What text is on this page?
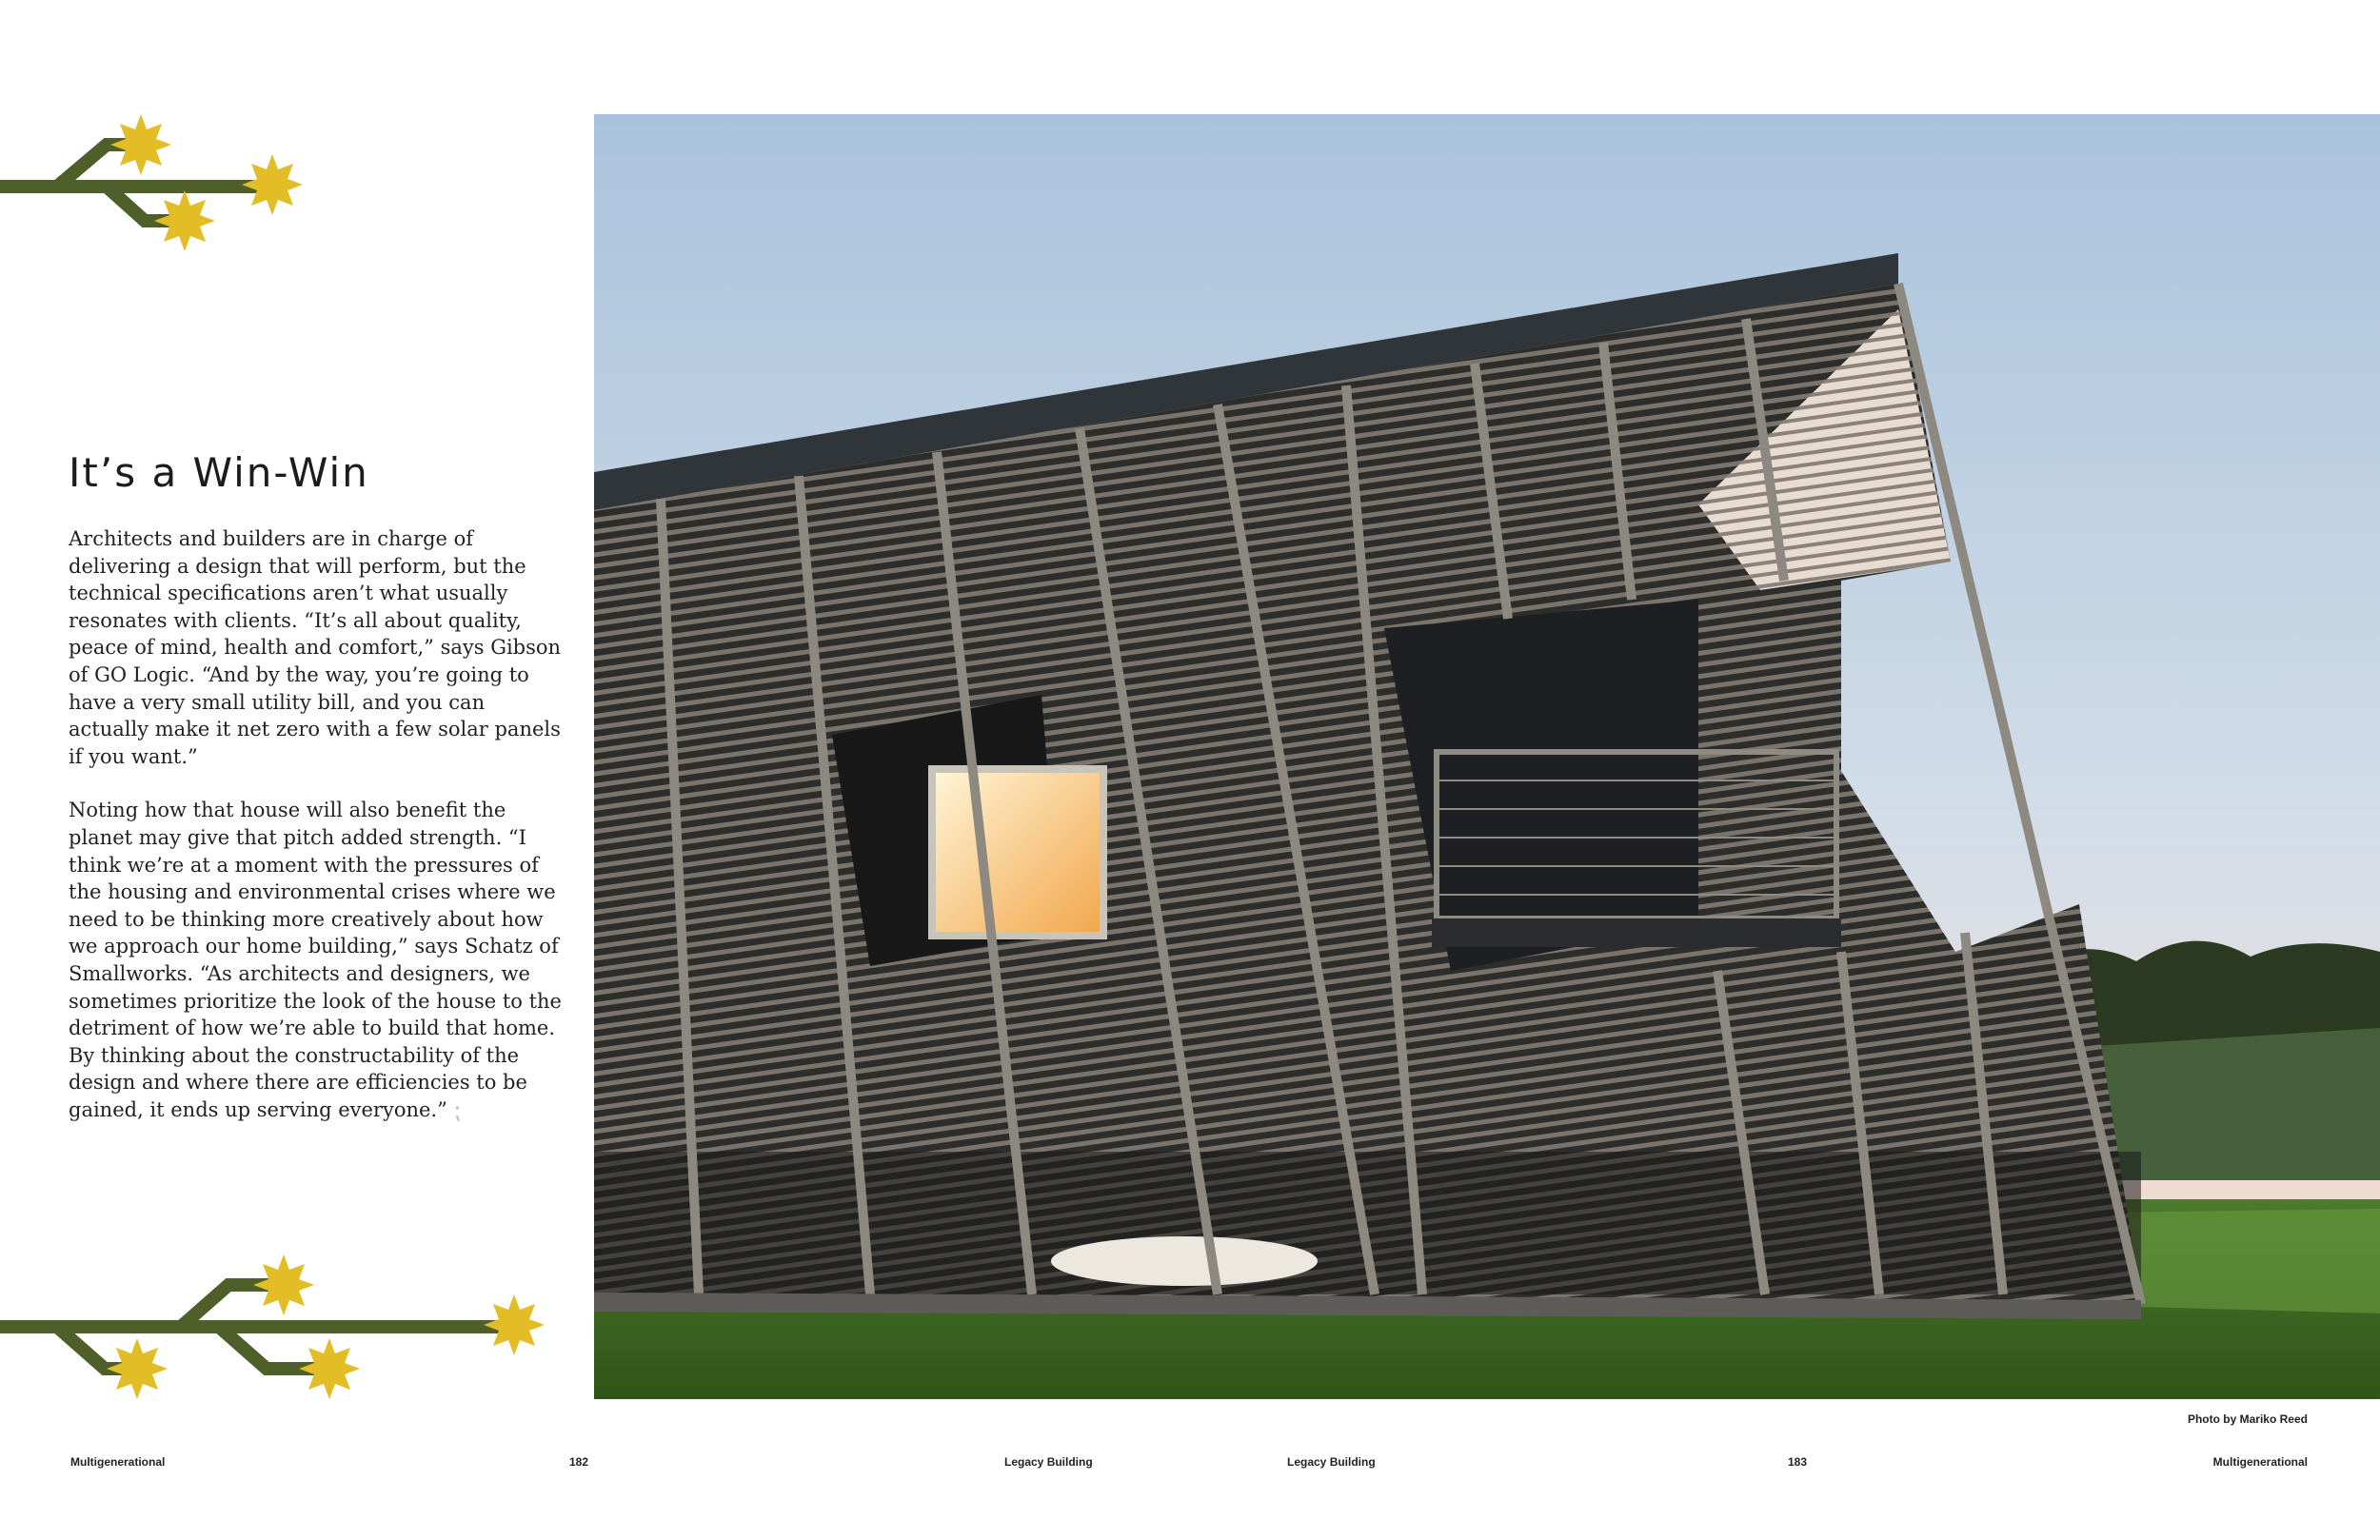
It’s a Win-Win

Architects and builders are in charge of delivering a design that will perform, but the technical specifications aren’t what usually resonates with clients. “It’s all about quality, peace of mind, health and comfort,” says Gibson of GO Logic. “And by the way, you’re going to have a very small utility bill, and you can actually make it net zero with a few solar panels if you want.”

Noting how that house will also benefit the planet may give that pitch added strength. “I think we’re at a moment with the pressures of the housing and environmental crises where we need to be thinking more creatively about how we approach our home building,” says Schatz of Smallworks. “As architects and designers, we sometimes prioritize the look of the house to the detriment of how we’re able to build that home. By thinking about the constructability of the design and where there are efficiencies to be gained, it ends up serving everyone.” ⁏

Photo by Mariko Reed
Multigenerational	182	Legacy Building	Legacy Building	183	Multigenerational
